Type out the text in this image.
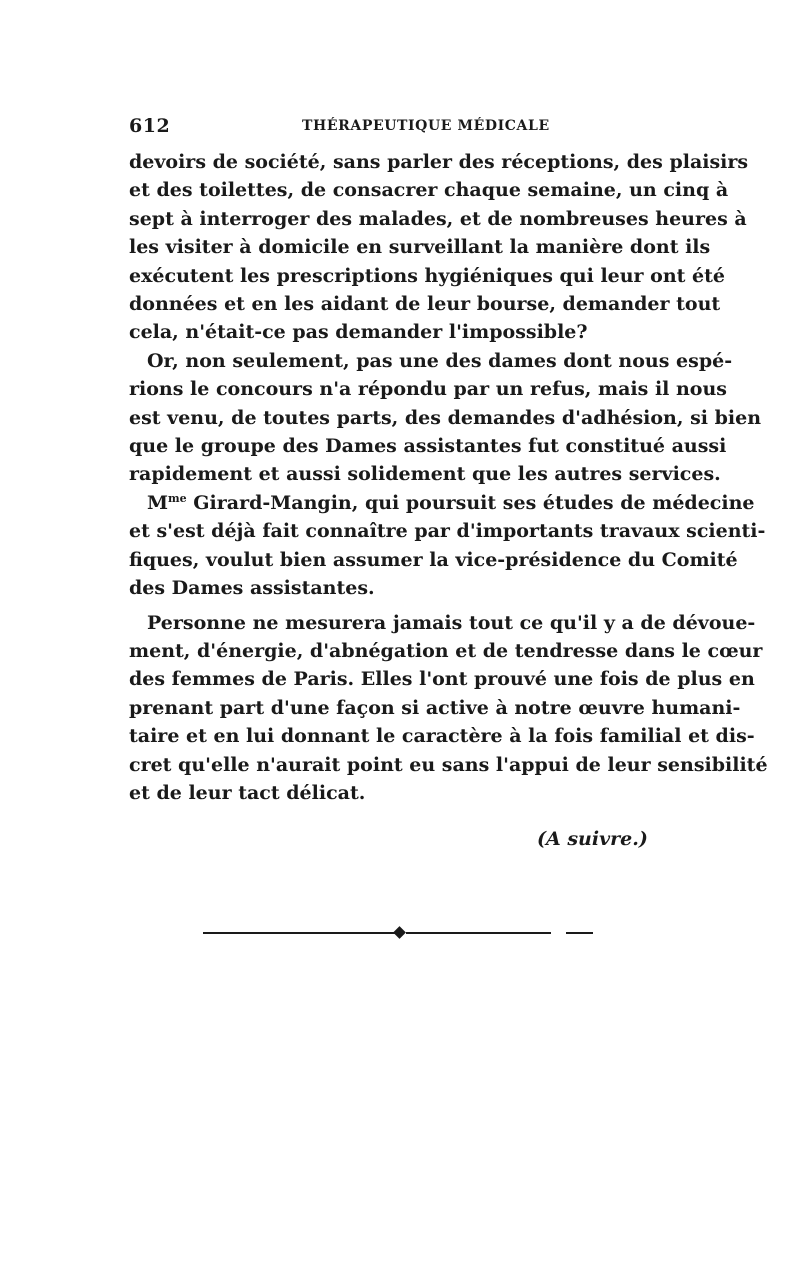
612	THÉRAPEUTIQUE MÉDICALE
devoirs de société, sans parler des réceptions, des plaisirs
et des toilettes, de consacrer chaque semaine, un cinq à
sept à interroger des malades, et de nombreuses heures à
les visiter à domicile en surveillant la manière dont ils
exécutent les prescriptions hygiéniques qui leur ont été
données et en les aidant de leur bourse, demander tout
cela, n'était-ce pas demander l'impossible?
Or, non seulement, pas une des dames dont nous espé-
rions le concours n'a répondu par un refus, mais il nous
est venu, de toutes parts, des demandes d'adhésion, si bien
que le groupe des Dames assistantes fut constitué aussi
rapidement et aussi solidement que les autres services.
$M^{me}$ Girard-Mangin, qui poursuit ses études de médecine
et s'est déjà fait connaître par d'importants travaux scienti-
fiques, voulut bien assumer la vice-présidence du Comité
des Dames assistantes.
Personne ne mesurera jamais tout ce qu'il y a de dévoue-
ment, d'énergie, d'abnégation et de tendresse dans le cœur
des femmes de Paris. Elles l'ont prouvé une fois de plus en
prenant part d'une façon si active à notre œuvre humani-
taire et en lui donnant le caractère à la fois familial et dis-
cret qu'elle n'aurait point eu sans l'appui de leur sensibilité
et de leur tact délicat.
(A suivre.)
